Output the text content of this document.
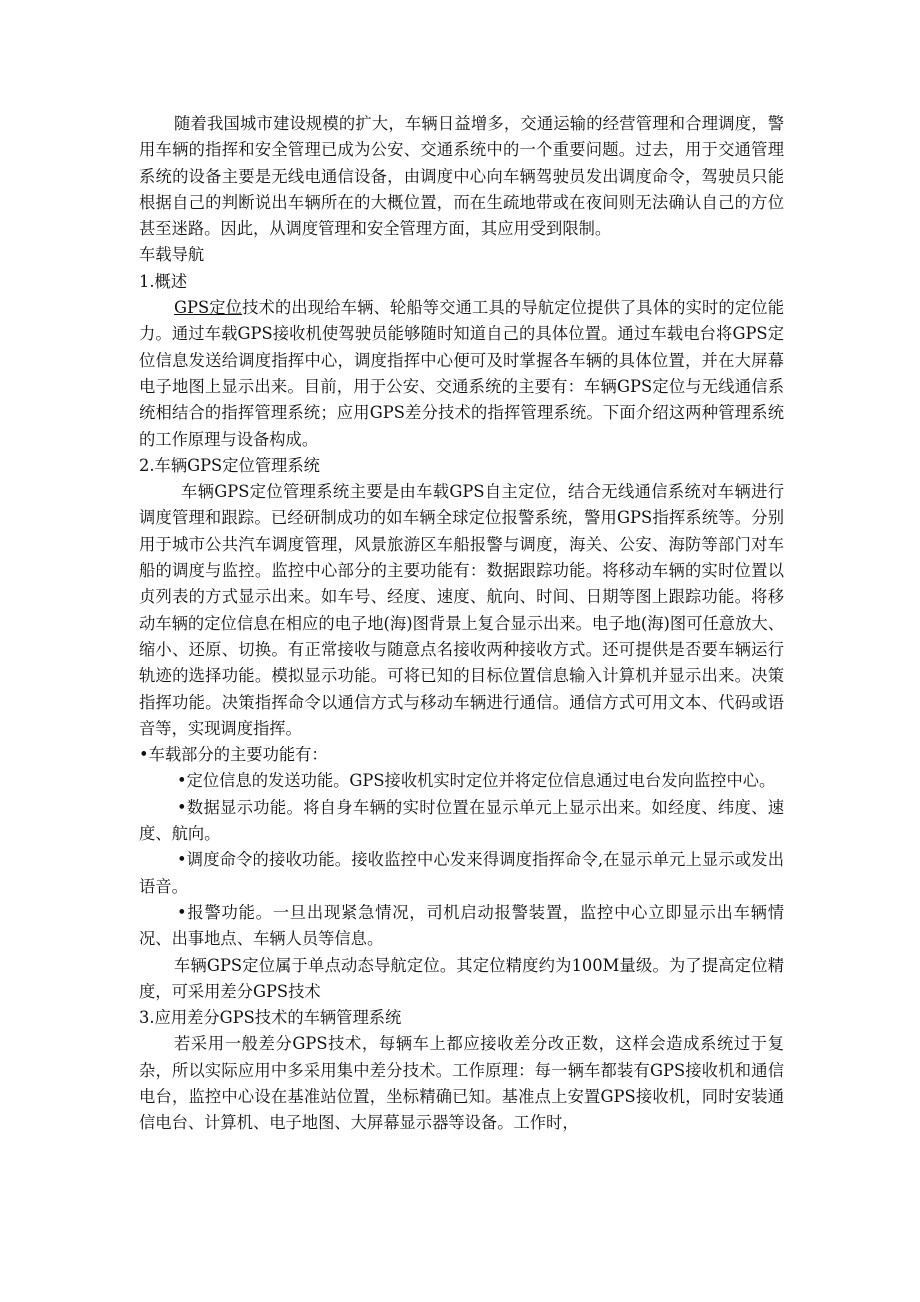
随着我国城市建设规模的扩大，车辆日益增多，交通运输的经营管理和合理调度，警用车辆的指挥和安全管理已成为公安、交通系统中的一个重要问题。过去，用于交通管理系统的设备主要是无线电通信设备，由调度中心向车辆驾驶员发出调度命令，驾驶员只能根据自己的判断说出车辆所在的大概位置，而在生疏地带或在夜间则无法确认自己的方位甚至迷路。因此，从调度管理和安全管理方面，其应用受到限制。

车载导航

1.概述

GPS定位技术的出现给车辆、轮船等交通工具的导航定位提供了具体的实时的定位能力。通过车载GPS接收机使驾驶员能够随时知道自己的具体位置。通过车载电台将GPS定位信息发送给调度指挥中心，调度指挥中心便可及时掌握各车辆的具体位置，并在大屏幕电子地图上显示出来。目前，用于公安、交通系统的主要有：车辆GPS定位与无线通信系统相结合的指挥管理系统；应用GPS差分技术的指挥管理系统。下面介绍这两种管理系统的工作原理与设备构成。

2.车辆GPS定位管理系统

车辆GPS定位管理系统主要是由车载GPS自主定位，结合无线通信系统对车辆进行调度管理和跟踪。已经研制成功的如车辆全球定位报警系统，警用GPS指挥系统等。分别用于城市公共汽车调度管理，风景旅游区车船报警与调度，海关、公安、海防等部门对车船的调度与监控。监控中心部分的主要功能有：数据跟踪功能。将移动车辆的实时位置以贞列表的方式显示出来。如车号、经度、速度、航向、时间、日期等图上跟踪功能。将移动车辆的定位信息在相应的电子地(海)图背景上复合显示出来。电子地(海)图可任意放大、缩小、还原、切换。有正常接收与随意点名接收两种接收方式。还可提供是否要车辆运行轨迹的选择功能。模拟显示功能。可将已知的目标位置信息输入计算机并显示出来。决策指挥功能。决策指挥命令以通信方式与移动车辆进行通信。通信方式可用文本、代码或语音等，实现调度指挥。

•车载部分的主要功能有：

•定位信息的发送功能。GPS接收机实时定位并将定位信息通过电台发向监控中心。

•数据显示功能。将自身车辆的实时位置在显示单元上显示出来。如经度、纬度、速度、航向。

•调度命令的接收功能。接收监控中心发来得调度指挥命令,在显示单元上显示或发出语音。

•报警功能。一旦出现紧急情况，司机启动报警装置，监控中心立即显示出车辆情况、出事地点、车辆人员等信息。

车辆GPS定位属于单点动态导航定位。其定位精度约为100M量级。为了提高定位精度，可采用差分GPS技术

3.应用差分GPS技术的车辆管理系统

若采用一般差分GPS技术，每辆车上都应接收差分改正数，这样会造成系统过于复杂，所以实际应用中多采用集中差分技术。工作原理：每一辆车都装有GPS接收机和通信电台，监控中心设在基准站位置，坐标精确已知。基准点上安置GPS接收机，同时安装通信电台、计算机、电子地图、大屏幕显示器等设备。工作时，
